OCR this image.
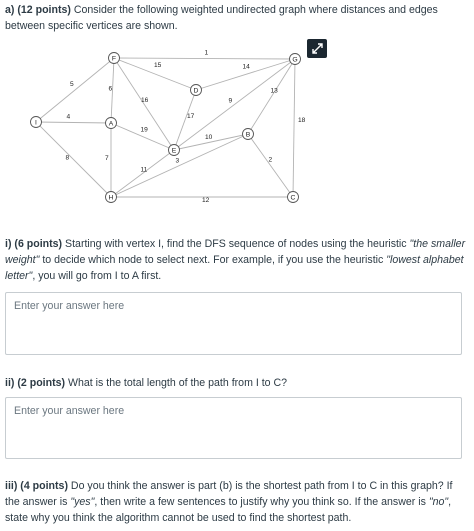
a) (12 points) Consider the following weighted undirected graph where distances and edges between specific vertices are shown.

1
5
6
15
16
14
17
9
13
18
4
19
7
8
10
11
3	2
12
F	G
D
I	A
B
E
H	C

i) (6 points) Starting with vertex I, find the DFS sequence of nodes using the heuristic "the smaller weight" to decide which node to select next. For example, if you use the heuristic "lowest alphabet letter", you will go from I to A first.

Enter your answer here

ii) (2 points) What is the total length of the path from I to C?

Enter your answer here

iii) (4 points) Do you think the answer is part (b) is the shortest path from I to C in this graph? If the answer is "yes", then write a few sentences to justify why you think so. If the answer is "no", state why you think the algorithm cannot be used to find the shortest path.
